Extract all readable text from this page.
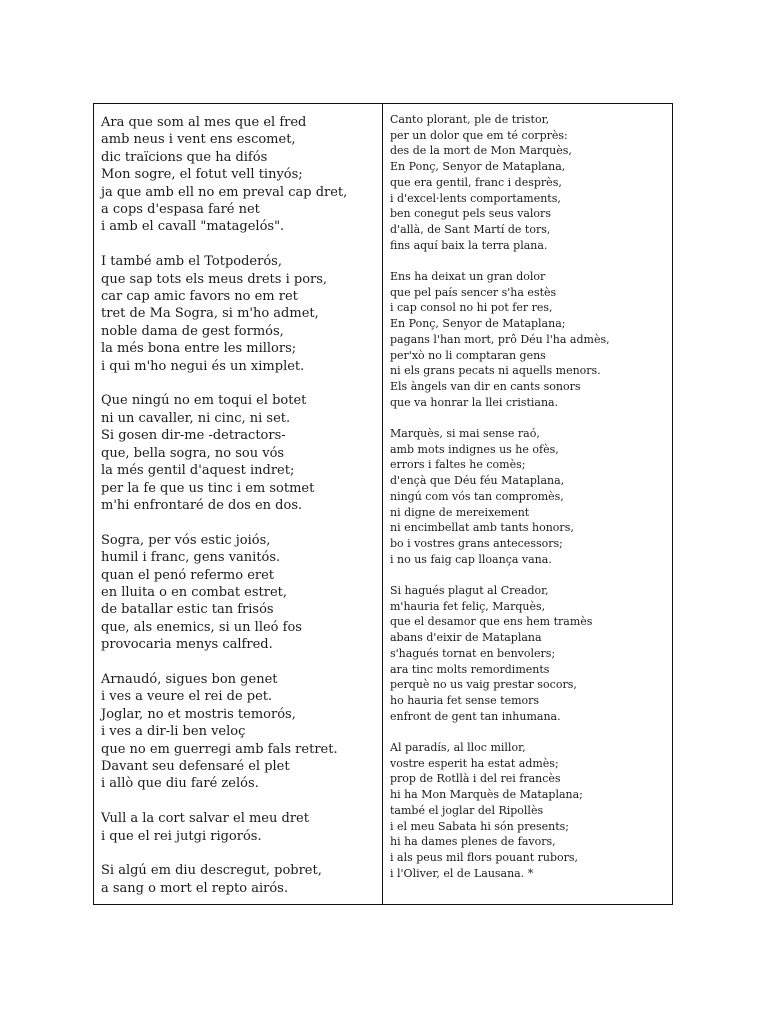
Ara que som al mes que el fred
amb neus i vent ens escomet,
dic traïcions que ha difós
Mon sogre, el fotut vell tinyós;
ja que amb ell no em preval cap dret,
a cops d'espasa faré net
i amb el cavall "matagelós".
I també amb el Totpoderós,
que sap tots els meus drets i pors,
car cap amic favors no em ret
tret de Ma Sogra, si m'ho admet,
noble dama de gest formós,
la més bona entre les millors;
i qui m'ho negui és un ximplet.
Que ningú no em toqui el botet
ni un cavaller, ni cinc, ni set.
Si gosen dir-me -detractors-
que, bella sogra, no sou vós
la més gentil d'aquest indret;
per la fe que us tinc i em sotmet
m'hi enfrontaré de dos en dos.
Sogra, per vós estic joiós,
humil i franc, gens vanitós.
quan el penó refermo eret
en lluita o en combat estret,
de batallar estic tan frisós
que, als enemics, si un lleó fos
provocaria menys calfred.
Arnaudó, sigues bon genet
i ves a veure el rei de pet.
Joglar, no et mostris temorós,
i ves a dir-li ben veloç
que no em guerregi amb fals retret.
Davant seu defensaré el plet
i allò que diu faré zelós.
Vull a la cort salvar el meu dret
i que el rei jutgi rigorós.
Si algú em diu descregut, pobret,
a sang o mort el repto airós.
Canto plorant, ple de tristor,
per un dolor que em té corprès:
des de la mort de Mon Marquès,
En Ponç, Senyor de Mataplana,
que era gentil, franc i desprès,
i d'excel·lents comportaments,
ben conegut pels seus valors
d'allà, de Sant Martí de tors,
fins aquí baix la terra plana.
Ens ha deixat un gran dolor
que pel país sencer s'ha estès
i cap consol no hi pot fer res,
En Ponç, Senyor de Mataplana;
pagans l'han mort, prô Déu l'ha admès,
per'xò no li comptaran gens
ni els grans pecats ni aquells menors.
Els àngels van dir en cants sonors
que va honrar la llei cristiana.
Marquès, si mai sense raó,
amb mots indignes us he ofès,
errors i faltes he comès;
d'ençà que Déu féu Mataplana,
ningú com vós tan compromès,
ni digne de mereixement
ni encimbellat amb tants honors,
bo i vostres grans antecessors;
i no us faig cap lloança vana.
Si hagués plagut al Creador,
m'hauria fet feliç, Marquès,
que el desamor que ens hem tramès
abans d'eixir de Mataplana
s'hagués tornat en benvolers;
ara tinc molts remordiments
perquè no us vaig prestar socors,
ho hauria fet sense temors
enfront de gent tan inhumana.
Al paradís, al lloc millor,
vostre esperit ha estat admès;
prop de Rotllà i del rei francès
hi ha Mon Marquès de Mataplana;
també el joglar del Ripollès
i el meu Sabata hi són presents;
hi ha dames plenes de favors,
i als peus mil flors pouant rubors,
i l'Oliver, el de Lausana. *
